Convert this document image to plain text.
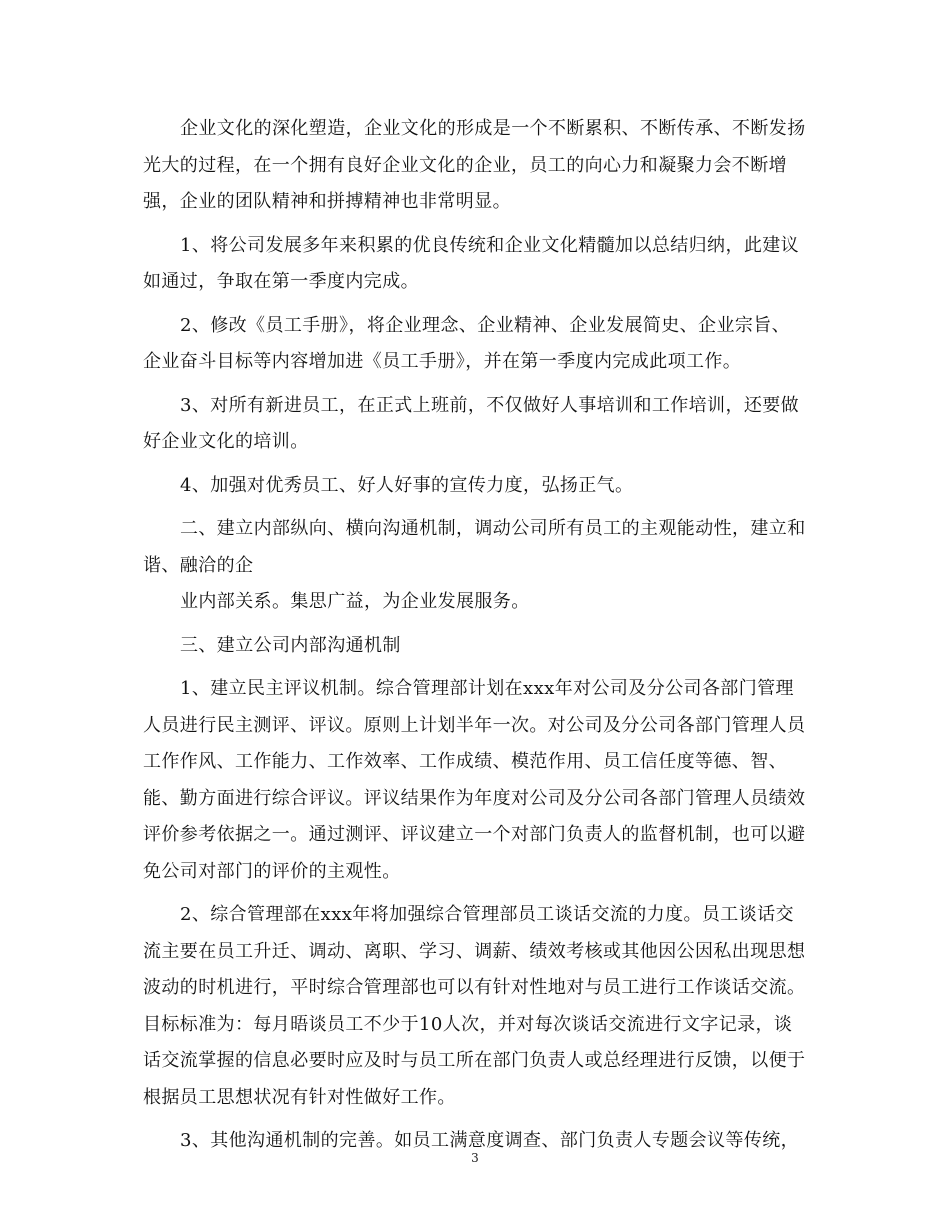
企业文化的深化塑造，企业文化的形成是一个不断累积、不断传承、不断发扬光大的过程，在一个拥有良好企业文化的企业，员工的向心力和凝聚力会不断增强，企业的团队精神和拼搏精神也非常明显。

1、将公司发展多年来积累的优良传统和企业文化精髓加以总结归纳，此建议如通过，争取在第一季度内完成。

2、修改《员工手册》，将企业理念、企业精神、企业发展简史、企业宗旨、企业奋斗目标等内容增加进《员工手册》，并在第一季度内完成此项工作。

3、对所有新进员工，在正式上班前，不仅做好人事培训和工作培训，还要做好企业文化的培训。

4、加强对优秀员工、好人好事的宣传力度，弘扬正气。

二、建立内部纵向、横向沟通机制，调动公司所有员工的主观能动性，建立和谐、融洽的企

业内部关系。集思广益，为企业发展服务。

三、建立公司内部沟通机制

1、建立民主评议机制。综合管理部计划在xxx年对公司及分公司各部门管理人员进行民主测评、评议。原则上计划半年一次。对公司及分公司各部门管理人员工作作风、工作能力、工作效率、工作成绩、模范作用、员工信任度等德、智、能、勤方面进行综合评议。评议结果作为年度对公司及分公司各部门管理人员绩效评价参考依据之一。通过测评、评议建立一个对部门负责人的监督机制，也可以避免公司对部门的评价的主观性。

2、综合管理部在xxx年将加强综合管理部员工谈话交流的力度。员工谈话交流主要在员工升迁、调动、离职、学习、调薪、绩效考核或其他因公因私出现思想波动的时机进行，平时综合管理部也可以有针对性地对与员工进行工作谈话交流。目标标准为：每月晤谈员工不少于10人次，并对每次谈话交流进行文字记录，谈话交流掌握的信息必要时应及时与员工所在部门负责人或总经理进行反馈，以便于根据员工思想状况有针对性做好工作。

3、其他沟通机制的完善。如员工满意度调查、部门负责人专题会议等传统，

3
